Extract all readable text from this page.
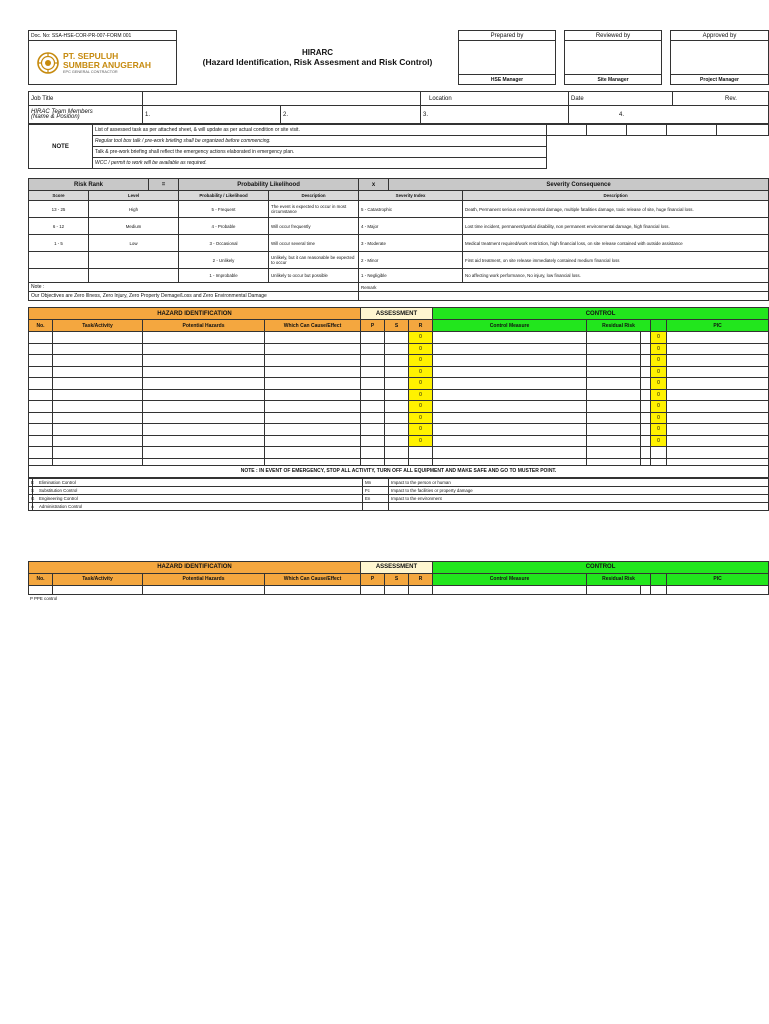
Doc. No: SSA-HSE-COR-PR-007-FORM 001	HIRARC
(Hazard Identification, Risk Assesment and Risk Control)	Prepared by		Reviewed by		Approved by

PT. SEPULUH
SUMBER ANUGERAH
EPC GENERAL CONTRACTOR						

		HSE Manager		Site Manager		Project Manager
Job Title			Location	Date	Rev.

HIRAC Team Members
(Name & Position)	1.	2.	3.	4.	
NOTE	List of assessed task as per attached sheet, & will update as per actual condition or site visit.					
	Regular tool box talk / pre-work briefing shall be organized before commencing.					
	Talk & pre-work briefing shall reflect the emergency actions elaborated in emergency plan.					
	WCC / permit to work will be available as required.					
Risk Rank		=	Probability Likelihood		x	Severity Consequence	
Score	Level		Probability / Likelihood	Description	Severity Index		Description
13 - 25	High		5 - Frequent	The event is expected to occur in most circumstance	5 - Catastrophic		Death, Permanent serious environmental damage, multiple fatalities damage, toxic release of site, huge financial loss.
6 - 12	Medium		4 - Probable	Will occur frequently	4 - Major		Lost time incident, permanent/partial disability, non permanent environmental damage, high financial loss.
1 - 5	Low		3 - Occasional	Will occur several time	3 - Moderate		Medical treatment required/work restriction, high financial loss, on site release contained with outside assistance
			2 - Unlikely	Unlikely, but it can reasonable be expected to occur	2 - Minor		First aid treatment, on site release immediately contained medium financial loss
			1 - Improbable	Unlikely to occur but possible	1 - Negligible		No affecting work performance, No injury, low financial loss.
Note :					Remark		
Our Objectives are Zero Illness, Zero Injury, Zero Property Demage/Loss and Zero Environmental Damage							
HAZARD IDENTIFICATION				ASSESSMENT			CONTROL				
No.	Task/Activity	Potential Hazards	Which Can Cause/Effect	P	S	R	Control Measure	Residual Risk			PIC
						0				0	
						0				0	
						0				0	
						0				0	
						0				0	
						0				0	
						0				0	
						0				0	
						0				0	
						0				0	

NOTE : IN EVENT OF EMERGENCY, STOP ALL ACTIVITY, TURN OFF ALL EQUIPMENT AND MAKE SAFE AND GO TO MUSTER POINT.											
E	Elimination Control	Mn	Impact to the person or human
S	Substitution Control	Fc	Impact to the facilities or property damage
G	Engineering Control	En	Impact to the environment
A	Administration Control		
HAZARD IDENTIFICATION				ASSESSMENT			CONTROL				
No.	Task/Activity	Potential Hazards	Which Can Cause/Effect	P	S	R	Control Measure	Residual Risk			PIC

P	PPE control
